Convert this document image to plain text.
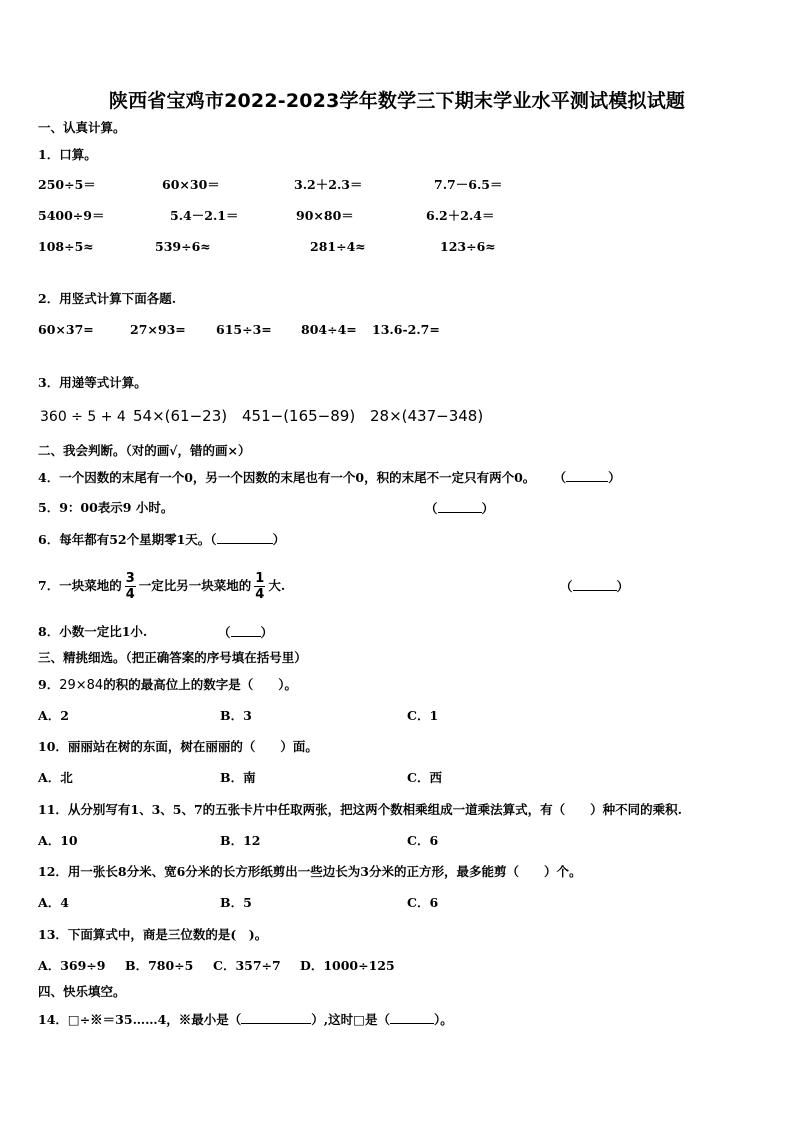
陕西省宝鸡市2022-2023学年数学三下期末学业水平测试模拟试题
一、认真计算。
1．口算。
250÷5＝	60×30＝	3.2＋2.3＝	7.7－6.5＝
5400÷9＝	5.4－2.1＝	90×80＝	6.2＋2.4＝
108÷5≈	539÷6≈	281÷4≈	123÷6≈
2．用竖式计算下面各题.
60×37=	27×93= 615÷3= 804÷4= 13.6-2.7=
3．用递等式计算。
360 ÷ 5 + 4 54×(61−23) 451−(165−89) 28×(437−348)
二、我会判断。（对的画√，错的画×）
4．一个因数的末尾有一个0，另一个因数的末尾也有一个0，积的末尾不一定只有两个0。 （	）
5．9：00表示9 小时。	（	）
6．每年都有52个星期零1天。（	）
7．一块菜地的 $\frac{3}{4}$ 一定比另一块菜地的 $\frac{1}{4}$ 大.	（	）
8．小数一定比1小.	（ ）
三、精挑细选。（把正确答案的序号填在括号里）
9．29×84的积的最高位上的数字是（　　）。
A．2	B．3	C．1
10．丽丽站在树的东面，树在丽丽的（　　）面。
A．北	B．南	C．西
11．从分别写有1、3、5、7的五张卡片中任取两张，把这两个数相乘组成一道乘法算式，有（　　）种不同的乘积.
A．10	B．12	C．6
12．用一张长8分米、宽6分米的长方形纸剪出一些边长为3分米的正方形，最多能剪（　　）个。
A．4	B．5	C．6
13．下面算式中，商是三位数的是(　)。
A．369÷9 B．780÷5 C．357÷7 D．1000÷125
四、快乐填空。
14．□÷※＝35……4，※最小是（	）,这时□是（	）。
